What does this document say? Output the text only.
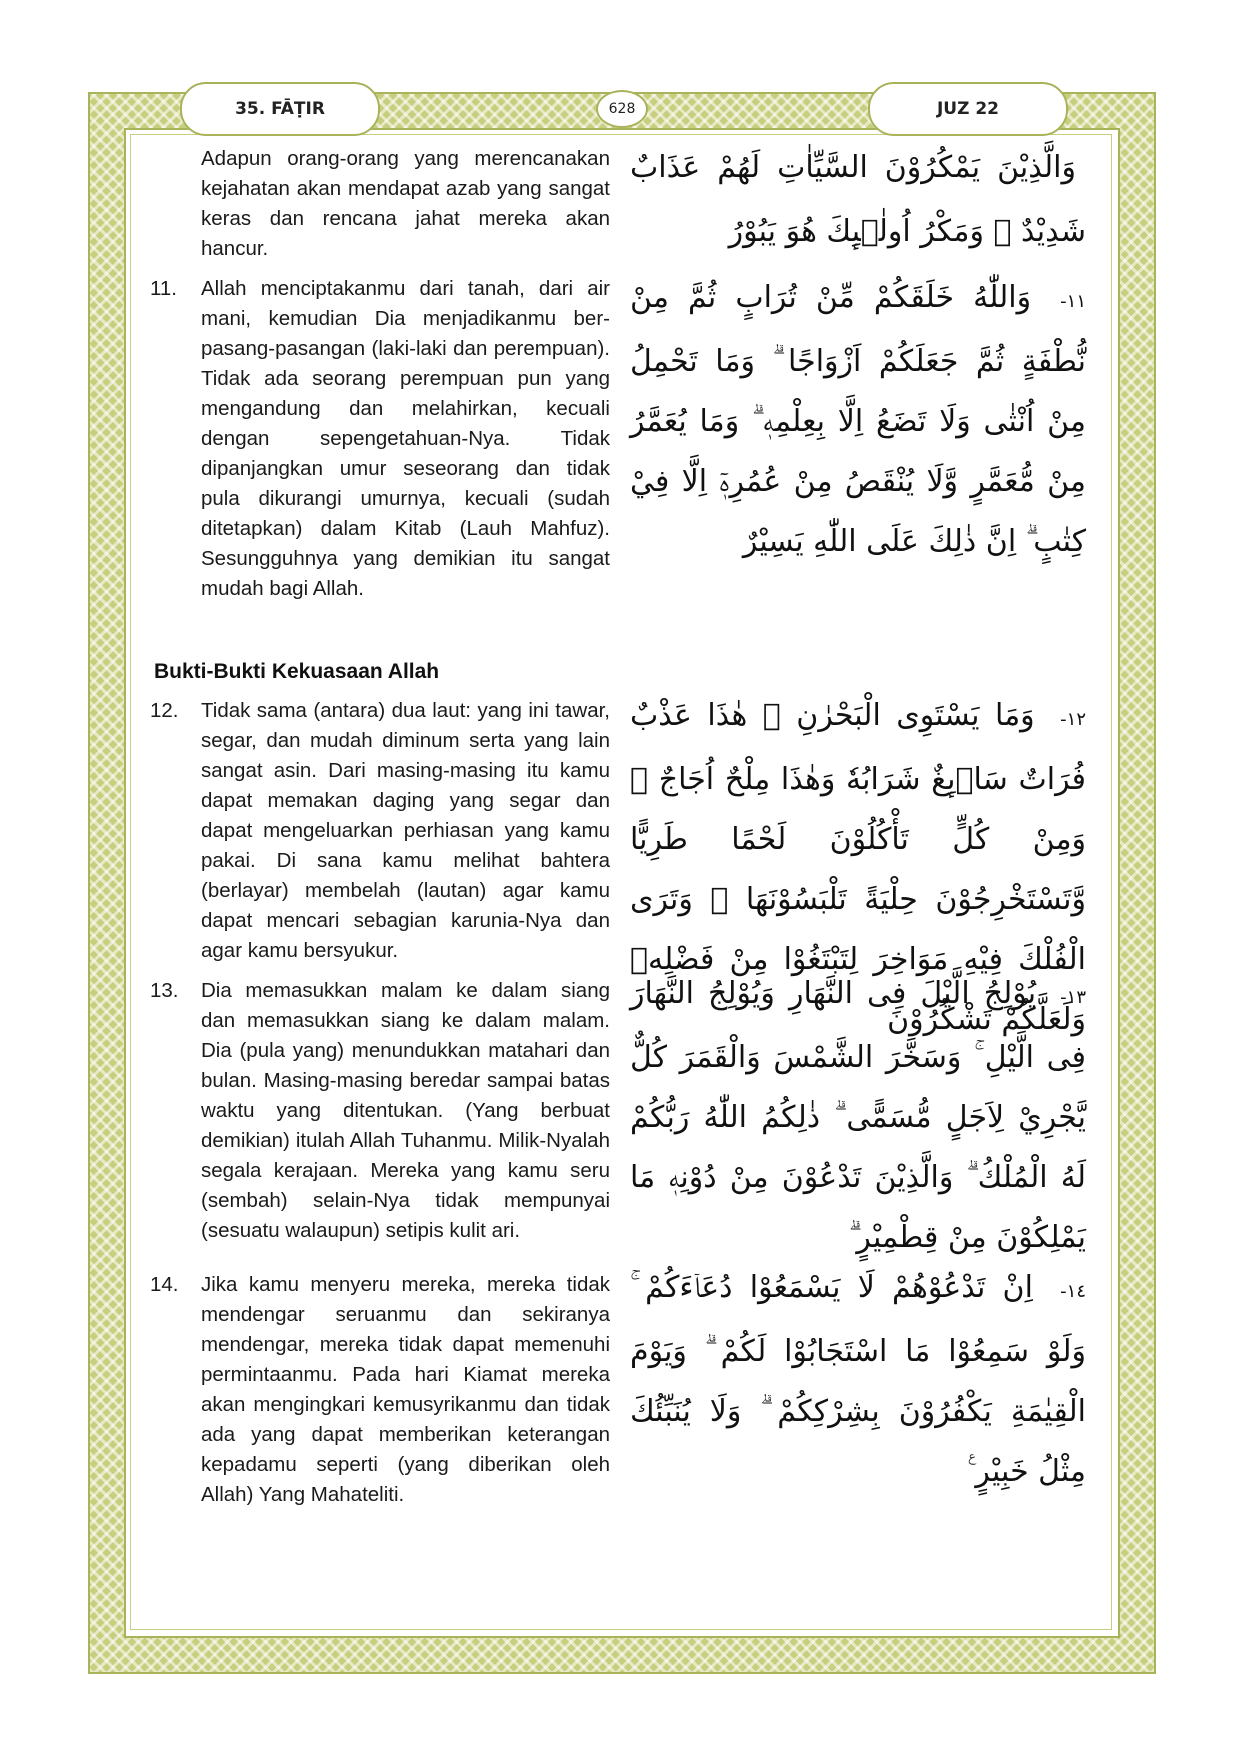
35. FĀṬIR	628	JUZ 22
Adapun orang-orang yang merencanakan kejahatan akan mendapat azab yang sangat keras dan rencana jahat mereka akan hancur.
وَالَّذِيْنَ يَمْكُرُوْنَ السَّيِّاٰتِ لَهُمْ عَذَابٌ شَدِيْدٌ ۗ وَمَكْرُ اُولٰۤىِٕكَ هُوَ يَبُوْرُ
11.	Allah menciptakanmu dari tanah, dari air mani, kemudian Dia menjadikanmu berpasang-pasangan (laki-laki dan perempuan). Tidak ada seorang perempuan pun yang mengandung dan melahirkan, kecuali dengan sepengetahuan-Nya. Tidak dipanjangkan umur seseorang dan tidak pula dikurangi umurnya, kecuali (sudah ditetapkan) dalam Kitab (Lauh Mahfuz). Sesungguhnya yang demikian itu sangat mudah bagi Allah.
١١- وَاللّٰهُ خَلَقَكُمْ مِّنْ تُرَابٍ ثُمَّ مِنْ نُّطْفَةٍ ثُمَّ جَعَلَكُمْ اَزْوَاجًا ۗ وَمَا تَحْمِلُ مِنْ اُنْثٰى وَلَا تَضَعُ اِلَّا بِعِلْمِهٖ ۗ وَمَا يُعَمَّرُ مِنْ مُّعَمَّرٍ وَّلَا يُنْقَصُ مِنْ عُمُرِهٖٓ اِلَّا فِيْ كِتٰبٍ ۗ اِنَّ ذٰلِكَ عَلَى اللّٰهِ يَسِيْرٌ
Bukti-Bukti Kekuasaan Allah
12.	Tidak sama (antara) dua laut: yang ini tawar, segar, dan mudah diminum serta yang lain sangat asin. Dari masing-masing itu kamu dapat memakan daging yang segar dan dapat mengeluarkan perhiasan yang kamu pakai. Di sana kamu melihat bahtera (berlayar) membelah (lautan) agar kamu dapat mencari sebagian karunia-Nya dan agar kamu bersyukur.
١٢- وَمَا يَسْتَوِى الْبَحْرٰنِ ۖ هٰذَا عَذْبٌ فُرَاتٌ سَاۤىِٕغٌ شَرَابُهٗ وَهٰذَا مِلْحٌ اُجَاجٌ ۗ وَمِنْ كُلٍّ تَأْكُلُوْنَ لَحْمًا طَرِيًّا وَّتَسْتَخْرِجُوْنَ حِلْيَةً تَلْبَسُوْنَهَا ۚ وَتَرَى الْفُلْكَ فِيْهِ مَوَاخِرَ لِتَبْتَغُوْا مِنْ فَضْلِهٖ وَلَعَلَّكُمْ تَشْكُرُوْنَ
13.	Dia memasukkan malam ke dalam siang dan memasukkan siang ke dalam malam. Dia (pula yang) menundukkan matahari dan bulan. Masing-masing beredar sampai batas waktu yang ditentukan. (Yang berbuat demikian) itulah Allah Tuhanmu. Milik-Nyalah segala kerajaan. Mereka yang kamu seru (sembah) selain-Nya tidak mempunyai (sesuatu walaupun) setipis kulit ari.
١٣- يُوْلِجُ الَّيْلَ فِى النَّهَارِ وَيُوْلِجُ النَّهَارَ فِى الَّيْلِ ۚ وَسَخَّرَ الشَّمْسَ وَالْقَمَرَ كُلٌّ يَّجْرِيْ لِاَجَلٍ مُّسَمًّى ۗ ذٰلِكُمُ اللّٰهُ رَبُّكُمْ لَهُ الْمُلْكُ ۗ وَالَّذِيْنَ تَدْعُوْنَ مِنْ دُوْنِهٖ مَا يَمْلِكُوْنَ مِنْ قِطْمِيْرٍ ۗ
14.	Jika kamu menyeru mereka, mereka tidak mendengar seruanmu dan sekiranya mendengar, mereka tidak dapat memenuhi permintaanmu. Pada hari Kiamat mereka akan mengingkari kemusyrikanmu dan tidak ada yang dapat memberikan keterangan kepadamu seperti (yang diberikan oleh Allah) Yang Mahateliti.
١٤- اِنْ تَدْعُوْهُمْ لَا يَسْمَعُوْا دُعَاۤءَكُمْ ۚ وَلَوْ سَمِعُوْا مَا اسْتَجَابُوْا لَكُمْ ۗ وَيَوْمَ الْقِيٰمَةِ يَكْفُرُوْنَ بِشِرْكِكُمْ ۗ وَلَا يُنَبِّئُكَ مِثْلُ خَبِيْرٍ ࣖ
